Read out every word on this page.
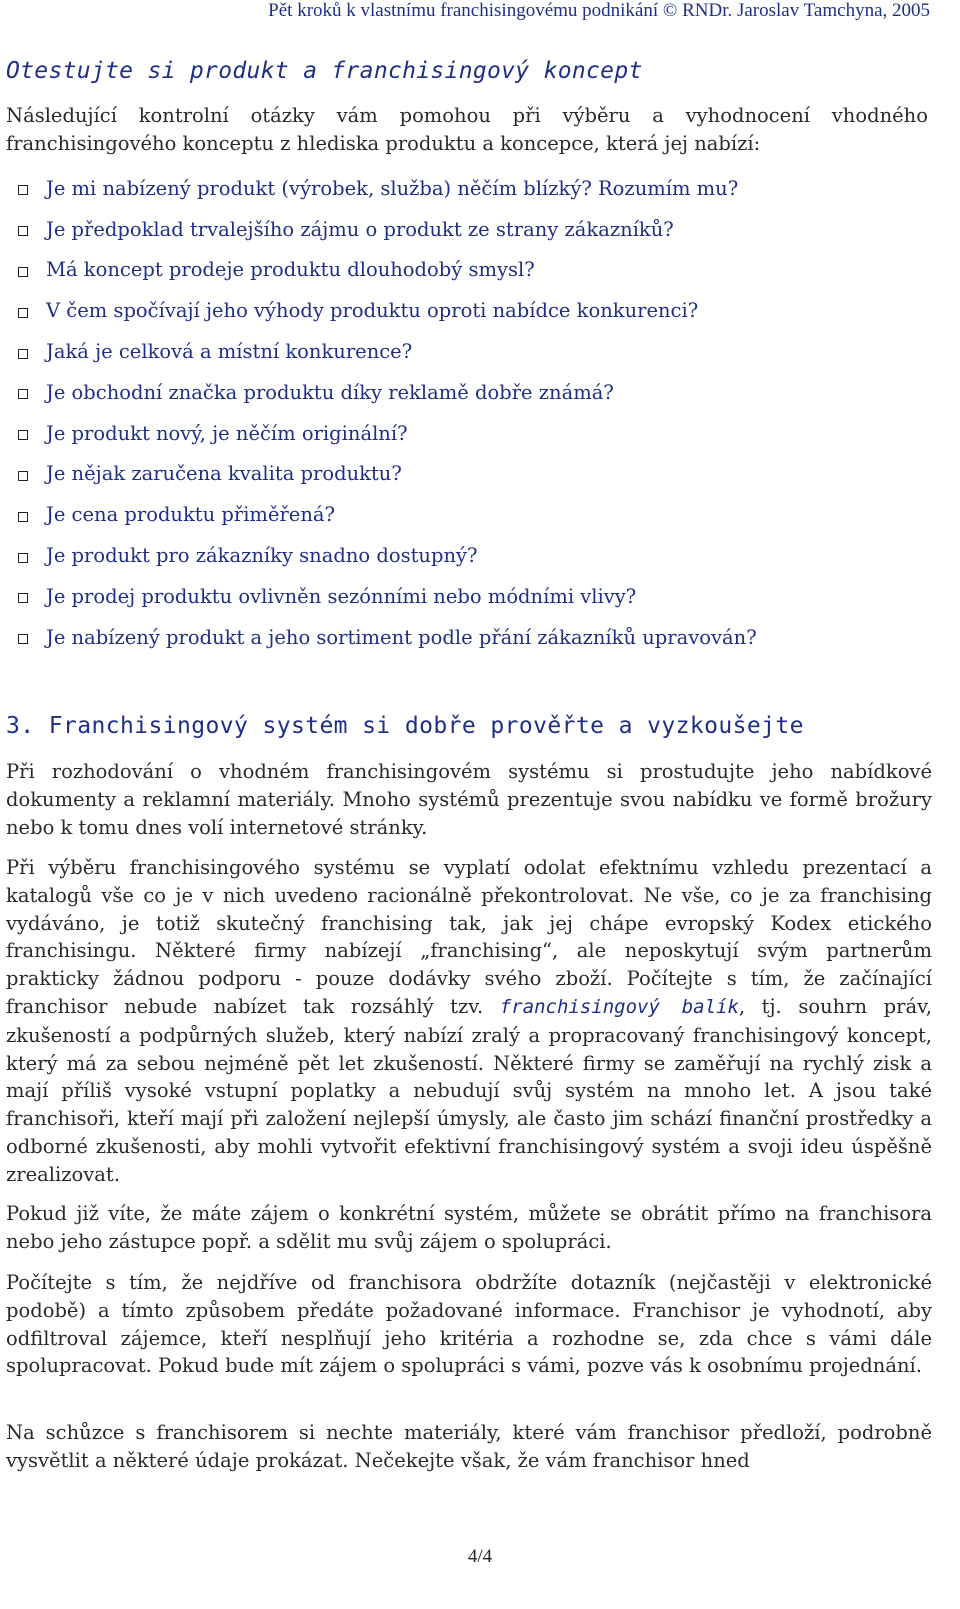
Pět kroků k vlastnímu franchisingovému podnikání © RNDr. Jaroslav Tamchyna, 2005
Otestujte si produkt a franchisingový koncept
Následující kontrolní otázky vám pomohou při výběru a vyhodnocení vhodného franchisingového konceptu z hlediska produktu a koncepce, která jej nabízí:
Je mi nabízený produkt (výrobek, služba) něčím blízký? Rozumím mu?
Je předpoklad trvalejšího zájmu o produkt ze strany zákazníků?
Má koncept prodeje produktu dlouhodobý smysl?
V čem spočívají jeho výhody produktu oproti nabídce konkurenci?
Jaká je celková a místní konkurence?
Je obchodní značka produktu díky reklamě dobře známá?
Je produkt nový, je něčím originální?
Je nějak zaručena kvalita produktu?
Je cena produktu přiměřená?
Je produkt pro zákazníky snadno dostupný?
Je prodej produktu ovlivněn sezónními nebo módními vlivy?
Je nabízený produkt a jeho sortiment podle přání zákazníků upravován?
3. Franchisingový systém si dobře prověřte a vyzkoušejte

Při rozhodování o vhodném franchisingovém systému si prostudujte jeho nabídkové dokumenty a reklamní materiály. Mnoho systémů prezentuje svou nabídku ve formě brožury nebo k tomu dnes volí internetové stránky.

Při výběru franchisingového systému se vyplatí odolat efektnímu vzhledu prezentací a katalogů vše co je v nich uvedeno racionálně překontrolovat. Ne vše, co je za franchising vydáváno, je totiž skutečný franchising tak, jak jej chápe evropský Kodex etického franchisingu. Některé firmy nabízejí „franchising“, ale neposkytují svým partnerům prakticky žádnou podporu - pouze dodávky svého zboží. Počítejte s tím, že začínající franchisor nebude nabízet tak rozsáhlý tzv. franchisingový balík, tj. souhrn práv, zkušeností a podpůrných služeb, který nabízí zralý a propracovaný franchisingový koncept, který má za sebou nejméně pět let zkušeností. Některé firmy se zaměřují na rychlý zisk a mají příliš vysoké vstupní poplatky a nebudují svůj systém na mnoho let. A jsou také franchisoři, kteří mají při založení nejlepší úmysly, ale často jim schází finanční prostředky a odborné zkušenosti, aby mohli vytvořit efektivní franchisingový systém a svoji ideu úspěšně zrealizovat.

Pokud již víte, že máte zájem o konkrétní systém, můžete se obrátit přímo na franchisora nebo jeho zástupce popř. a sdělit mu svůj zájem o spolupráci.

Počítejte s tím, že nejdříve od franchisora obdržíte dotazník (nejčastěji v elektronické podobě) a tímto způsobem předáte požadované informace. Franchisor je vyhodnotí, aby odfiltroval zájemce, kteří nesplňují jeho kritéria a rozhodne se, zda chce s vámi dále spolupracovat. Pokud bude mít zájem o spolupráci s vámi, pozve vás k osobnímu projednání.

Na schůzce s franchisorem si nechte materiály, které vám franchisor předloží, podrobně vysvětlit a některé údaje prokázat. Nečekejte však, že vám franchisor hned

4/4
